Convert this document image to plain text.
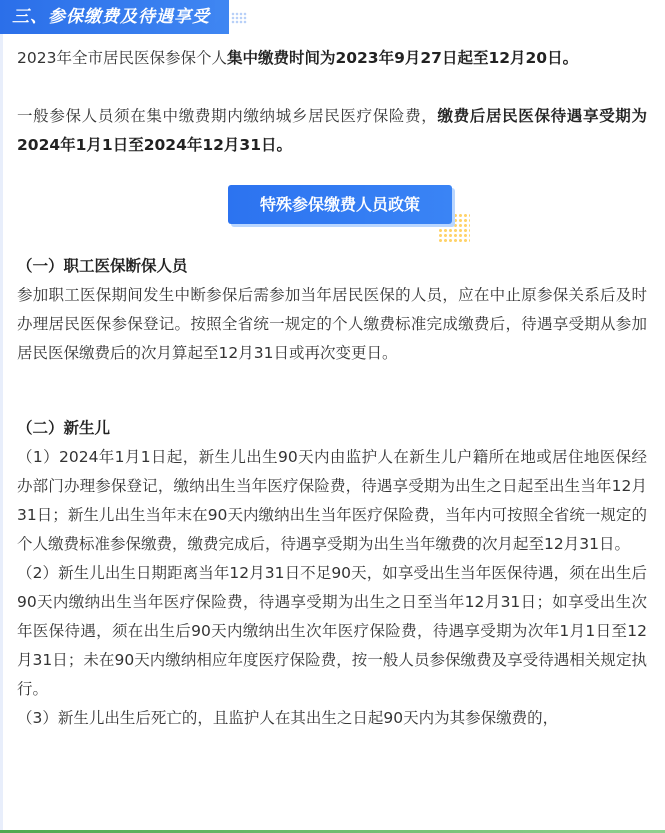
三、参保缴费及待遇享受

2023年全市居民医保参保个人集中缴费时间为2023年9月27日起至12月20日。

一般参保人员须在集中缴费期内缴纳城乡居民医疗保险费，缴费后居民医保待遇享受期为2024年1月1日至2024年12月31日。

特殊参保缴费人员政策

（一）职工医保断保人员

参加职工医保期间发生中断参保后需参加当年居民医保的人员，应在中止原参保关系后及时办理居民医保参保登记。按照全省统一规定的个人缴费标准完成缴费后，待遇享受期从参加居民医保缴费后的次月算起至12月31日或再次变更日。

（二）新生儿

（1）2024年1月1日起，新生儿出生90天内由监护人在新生儿户籍所在地或居住地医保经办部门办理参保登记，缴纳出生当年医疗保险费，待遇享受期为出生之日起至出生当年12月31日；新生儿出生当年末在90天内缴纳出生当年医疗保险费，当年内可按照全省统一规定的个人缴费标准参保缴费，缴费完成后，待遇享受期为出生当年缴费的次月起至12月31日。

（2）新生儿出生日期距离当年12月31日不足90天，如享受出生当年医保待遇，须在出生后90天内缴纳出生当年医疗保险费，待遇享受期为出生之日至当年12月31日；如享受出生次年医保待遇，须在出生后90天内缴纳出生次年医疗保险费，待遇享受期为次年1月1日至12月31日；未在90天内缴纳相应年度医疗保险费，按一般人员参保缴费及享受待遇相关规定执行。

（3）新生儿出生后死亡的，且监护人在其出生之日起90天内为其参保缴费的，
